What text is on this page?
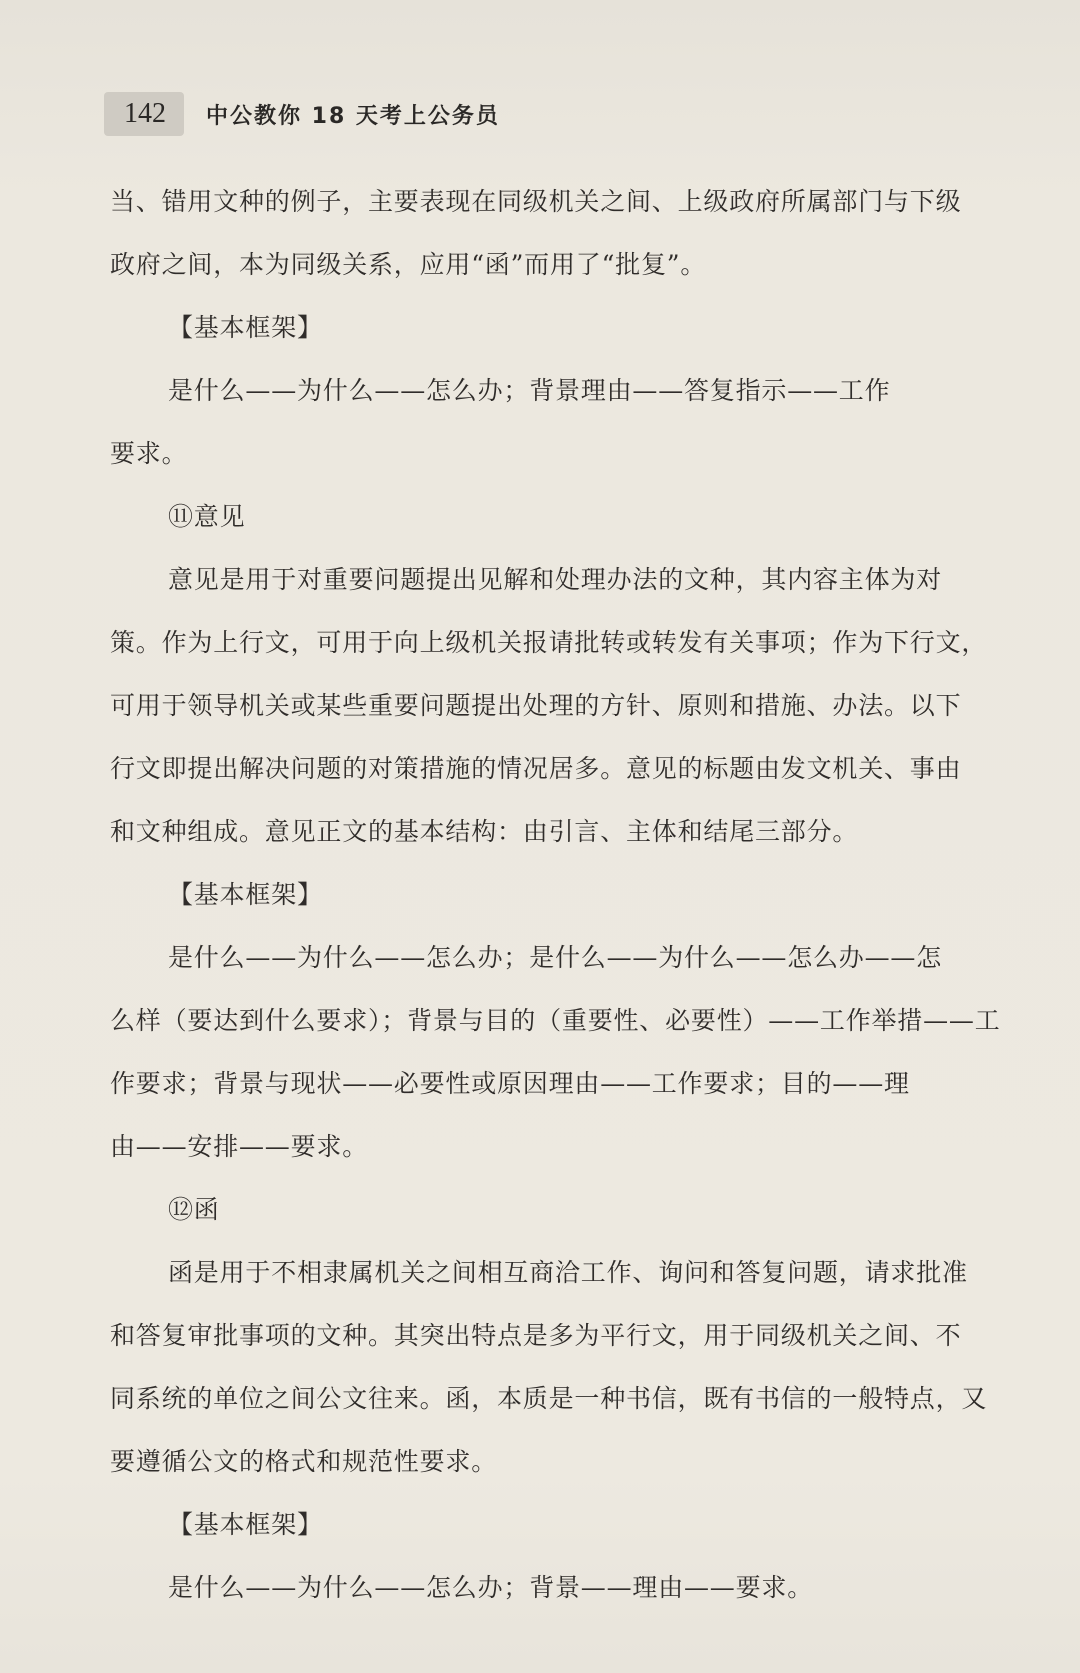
142	中公教你 18 天考上公务员
当、错用文种的例子，主要表现在同级机关之间、上级政府所属部门与下级
政府之间，本为同级关系，应用“函”而用了“批复”。
【基本框架】
是什么——为什么——怎么办；背景理由——答复指示——工作
要求。
⑪意见
意见是用于对重要问题提出见解和处理办法的文种，其内容主体为对
策。作为上行文，可用于向上级机关报请批转或转发有关事项；作为下行文，
可用于领导机关或某些重要问题提出处理的方针、原则和措施、办法。以下
行文即提出解决问题的对策措施的情况居多。意见的标题由发文机关、事由
和文种组成。意见正文的基本结构：由引言、主体和结尾三部分。
【基本框架】
是什么——为什么——怎么办；是什么——为什么——怎么办——怎
么样（要达到什么要求）；背景与目的（重要性、必要性）——工作举措——工
作要求；背景与现状——必要性或原因理由——工作要求；目的——理
由——安排——要求。
⑫函
函是用于不相隶属机关之间相互商洽工作、询问和答复问题，请求批准
和答复审批事项的文种。其突出特点是多为平行文，用于同级机关之间、不
同系统的单位之间公文往来。函，本质是一种书信，既有书信的一般特点，又
要遵循公文的格式和规范性要求。
【基本框架】
是什么——为什么——怎么办；背景——理由——要求。
